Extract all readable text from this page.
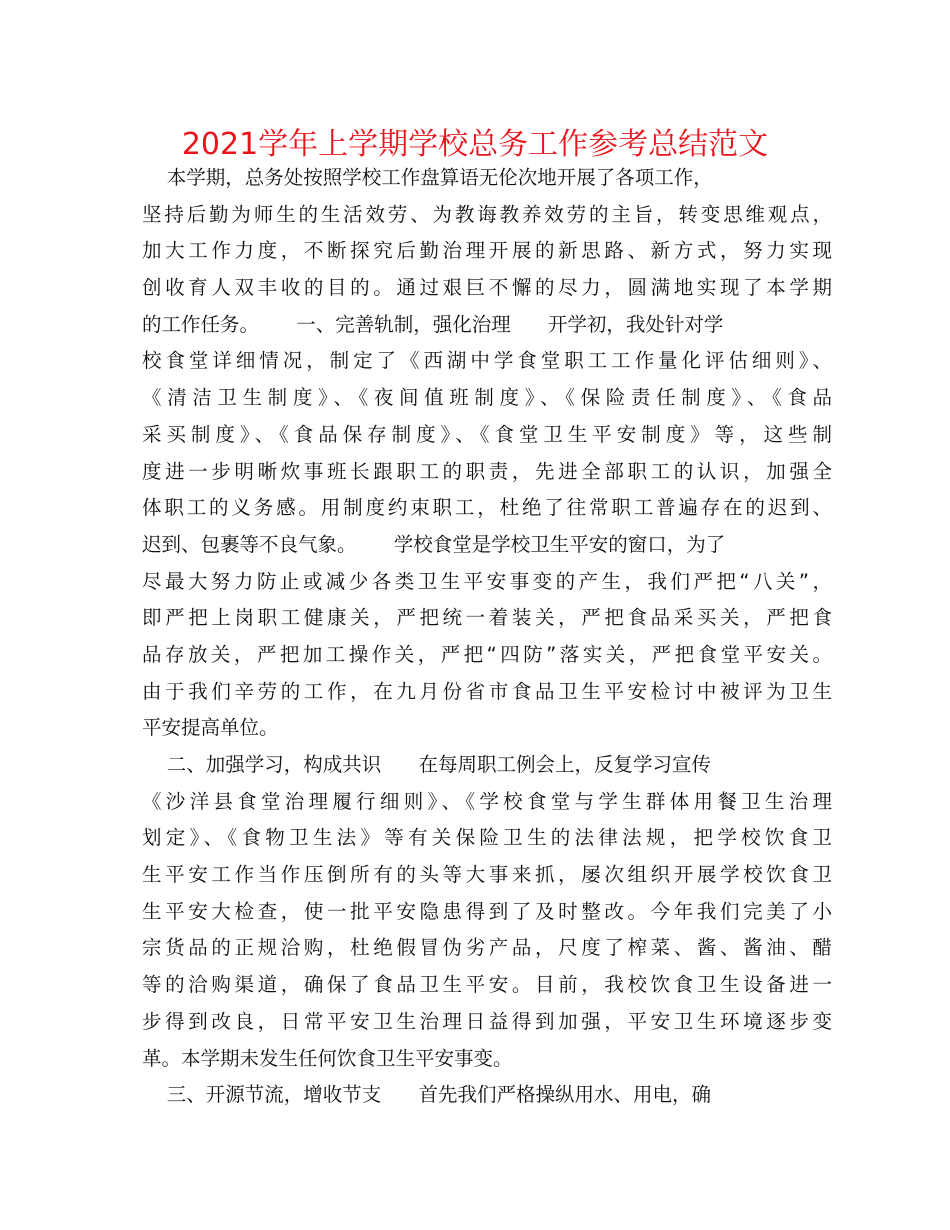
2021学年上学期学校总务工作参考总结范文

本学期，总务处按照学校工作盘算语无伦次地开展了各项工作，

坚持后勤为师生的生活效劳、为教诲教养效劳的主旨，转变思维观点，

加大工作力度，不断探究后勤治理开展的新思路、新方式，努力实现

创收育人双丰收的目的。通过艰巨不懈的尽力，圆满地实现了本学期

的工作任务。      一、完善轨制，强化治理      开学初，我处针对学

校食堂详细情况，制定了《西湖中学食堂职工工作量化评估细则》、

《清洁卫生制度》、《夜间值班制度》、《保险责任制度》、《食品

采买制度》、《食品保存制度》、《食堂卫生平安制度》等，这些制

度进一步明晰炊事班长跟职工的职责，先进全部职工的认识，加强全

体职工的义务感。用制度约束职工，杜绝了往常职工普遍存在的迟到、

迟到、包裹等不良气象。      学校食堂是学校卫生平安的窗口，为了

尽最大努力防止或减少各类卫生平安事变的产生，我们严把“八关”，

即严把上岗职工健康关，严把统一着装关，严把食品采买关，严把食

品存放关，严把加工操作关，严把“四防”落实关，严把食堂平安关。

由于我们辛劳的工作，在九月份省市食品卫生平安检讨中被评为卫生

平安提高单位。

二、加强学习，构成共识      在每周职工例会上，反复学习宣传

《沙洋县食堂治理履行细则》、《学校食堂与学生群体用餐卫生治理

划定》、《食物卫生法》等有关保险卫生的法律法规，把学校饮食卫

生平安工作当作压倒所有的头等大事来抓，屡次组织开展学校饮食卫

生平安大检查，使一批平安隐患得到了及时整改。今年我们完美了小

宗货品的正规洽购，杜绝假冒伪劣产品，尺度了榨菜、酱、酱油、醋

等的洽购渠道，确保了食品卫生平安。目前，我校饮食卫生设备进一

步得到改良，日常平安卫生治理日益得到加强，平安卫生环境逐步变

革。本学期未发生任何饮食卫生平安事变。

三、开源节流，增收节支      首先我们严格操纵用水、用电，确
